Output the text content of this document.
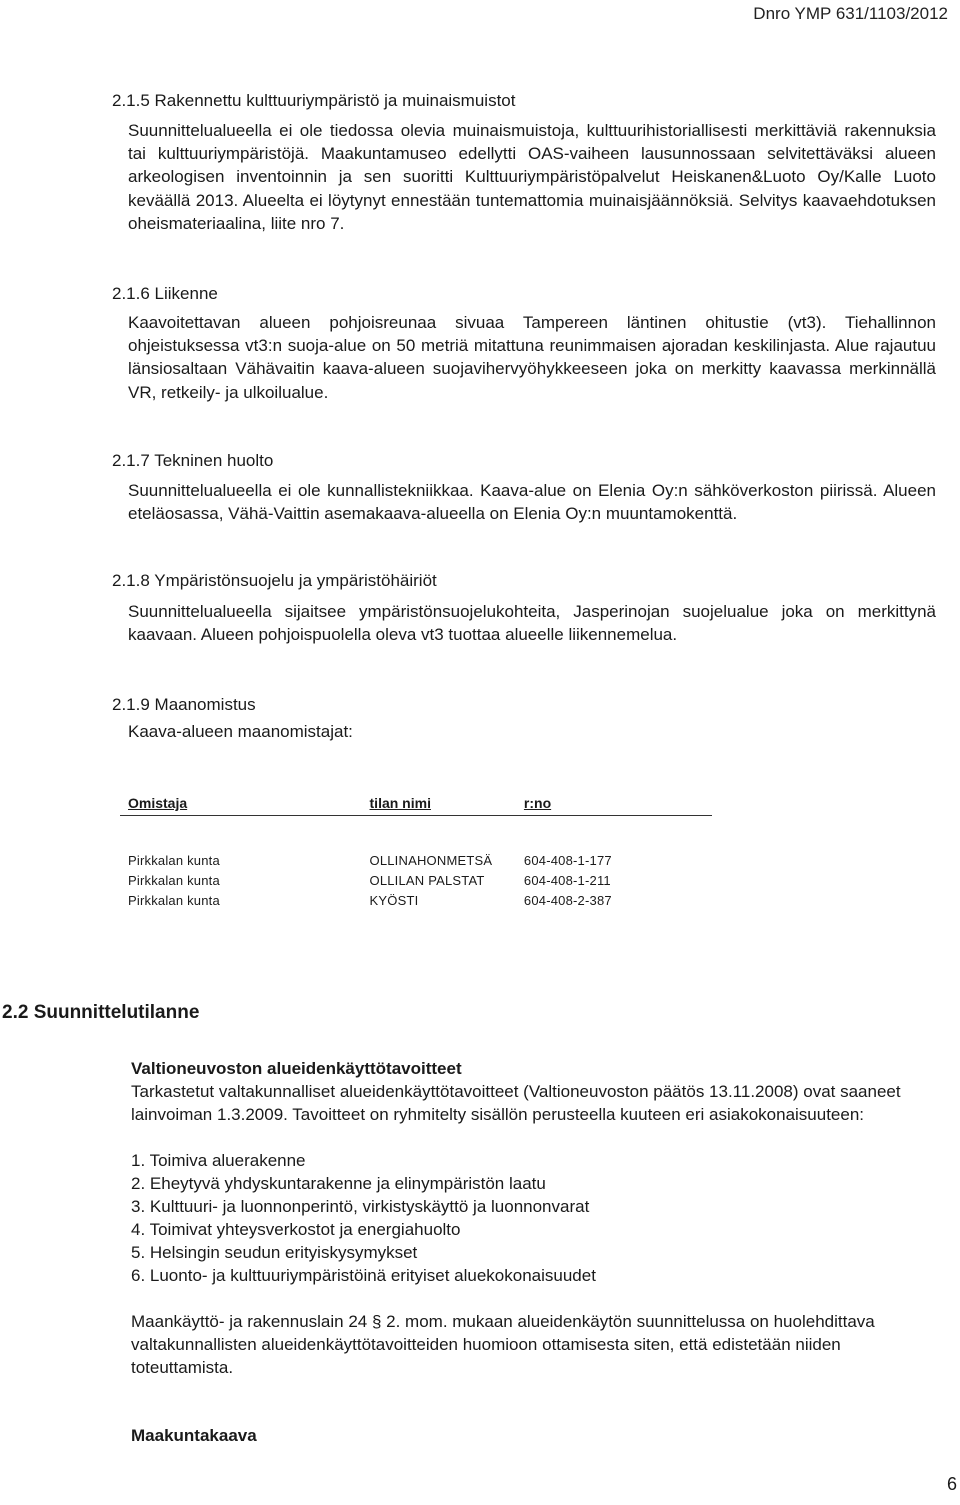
Dnro YMP 631/1103/2012
2.1.5 Rakennettu kulttuuriympäristö ja muinaismuistot
Suunnittelualueella ei ole tiedossa olevia muinaismuistoja, kulttuurihistoriallisesti merkittäviä rakennuksia tai kulttuuriympäristöjä. Maakuntamuseo edellytti OAS-vaiheen lausunnossaan selvitettäväksi alueen arkeologisen inventoinnin ja sen suoritti Kulttuuriympäristöpalvelut Heiskanen&Luoto Oy/Kalle Luoto keväällä 2013. Alueelta ei löytynyt ennestään tuntemattomia muinaisjäännöksiä. Selvitys kaavaehdotuksen oheismateriaalina, liite nro 7.
2.1.6 Liikenne
Kaavoitettavan alueen pohjoisreunaa sivuaa Tampereen läntinen ohitustie (vt3). Tiehallinnon ohjeistuksessa vt3:n suoja-alue on 50 metriä mitattuna reunimmaisen ajoradan keskilinjasta. Alue rajautuu länsiosaltaan Vähävaitin kaava-alueen suojavihervyöhykkeeseen joka on merkitty kaavassa merkinnällä VR, retkeily- ja ulkoilualue.
2.1.7 Tekninen huolto
Suunnittelualueella ei ole kunnallistekniikkaa. Kaava-alue on Elenia Oy:n sähköverkoston piirissä. Alueen eteläosassa, Vähä-Vaittin asemakaava-alueella on Elenia Oy:n muuntamokenttä.
2.1.8 Ympäristönsuojelu ja ympäristöhäiriöt
Suunnittelualueella sijaitsee ympäristönsuojelukohteita, Jasperinojan suojelualue joka on merkittynä kaavaan. Alueen pohjoispuolella oleva vt3 tuottaa alueelle liikennemelua.
2.1.9 Maanomistus
Kaava-alueen maanomistajat:
Omistaja	tilan nimi	r:no
Pirkkalan kunta	OLLINAHONMETSÄ	604-408-1-177
Pirkkalan kunta	OLLILAN PALSTAT	604-408-1-211
Pirkkalan kunta	KYÖSTI	604-408-2-387
2.2 Suunnittelutilanne
Valtioneuvoston alueidenkäyttötavoitteet
Tarkastetut valtakunnalliset alueidenkäyttötavoitteet (Valtioneuvoston päätös 13.11.2008) ovat saaneet lainvoiman 1.3.2009. Tavoitteet on ryhmitelty sisällön perusteella kuuteen eri asiakokonaisuuteen:
1. Toimiva aluerakenne
2. Eheytyvä yhdyskuntarakenne ja elinympäristön laatu
3. Kulttuuri- ja luonnonperintö, virkistyskäyttö ja luonnonvarat
4. Toimivat yhteysverkostot ja energiahuolto
5. Helsingin seudun erityiskysymykset
6. Luonto- ja kulttuuriympäristöinä erityiset aluekokonaisuudet
Maankäyttö- ja rakennuslain 24 § 2. mom. mukaan alueidenkäytön suunnittelussa on huolehdittava valtakunnallisten alueidenkäyttötavoitteiden huomioon ottamisesta siten, että edistetään niiden toteuttamista.
Maakuntakaava
6
